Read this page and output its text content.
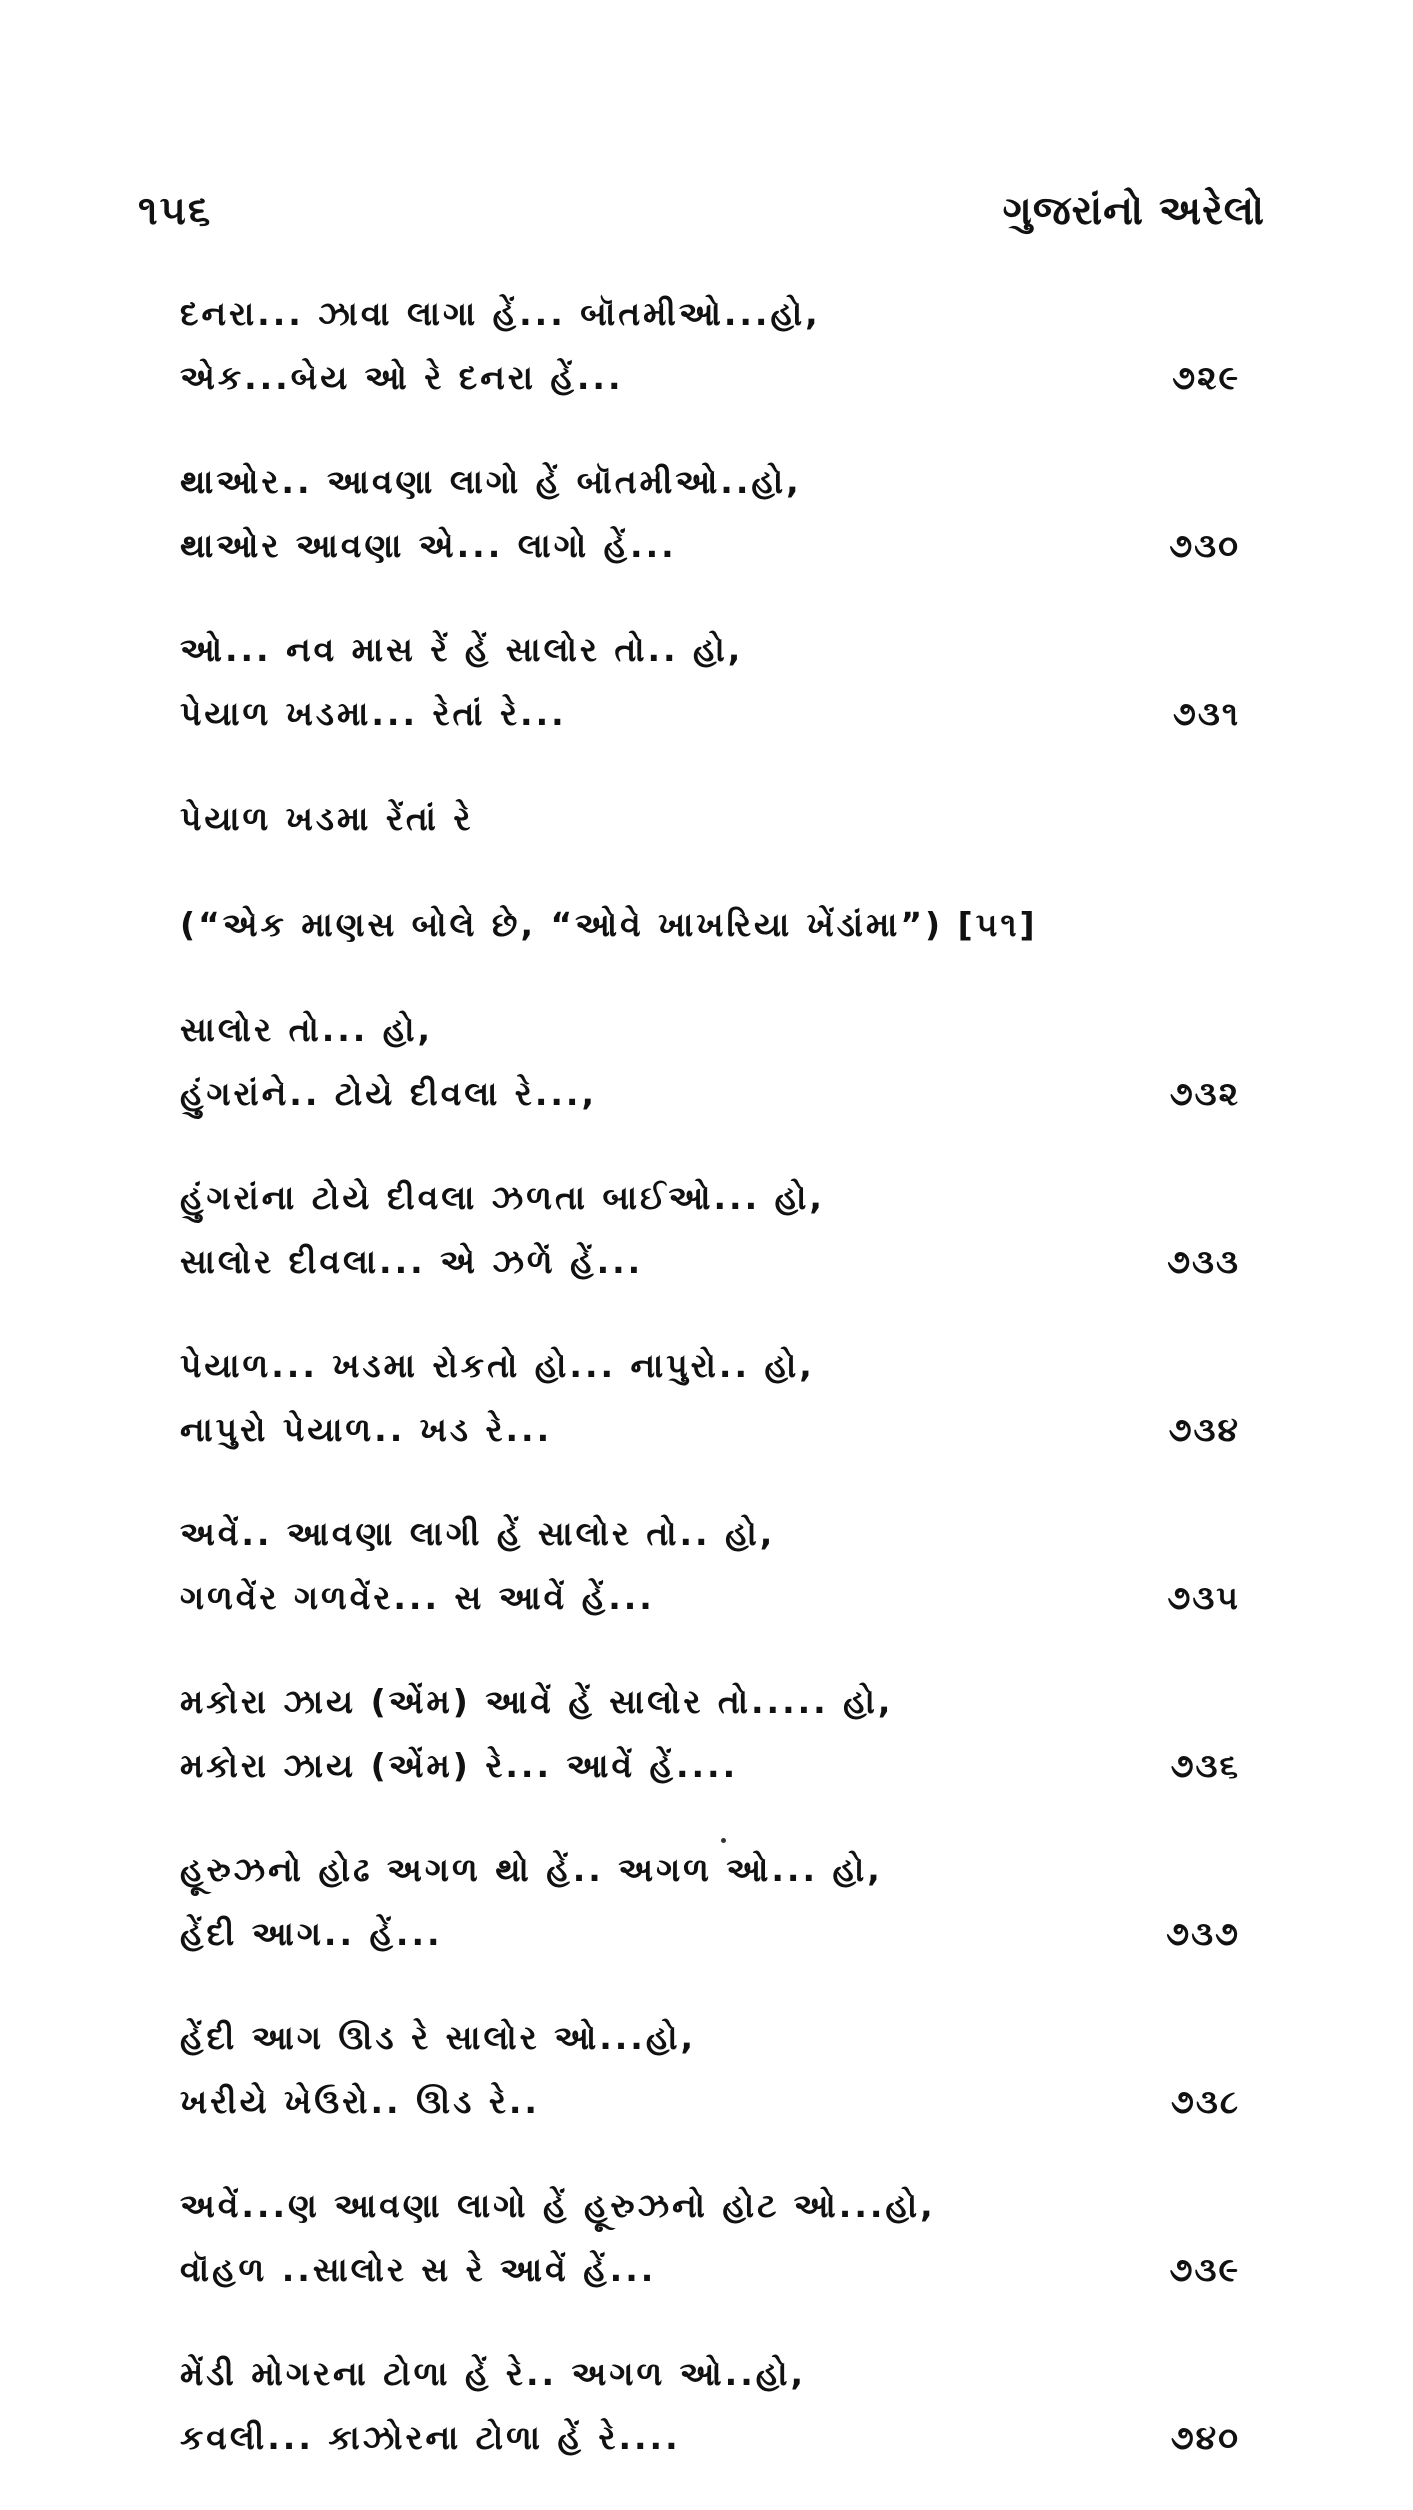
૧૫૬	ગુજરાંનો અરેલો
દનરા... ઝાવા લાગા હેં... બૉતમીઓ...હો,
એક...બેય ઓ રે દનરા હેં...	૭૨૯
થાઓર.. આવણા લાગો હેં બૉતમીઓ..હો,
થાઓર આવણા એ... લાગો હેં...	૭૩૦
ઓ... નવ માસ રેં હેં સાલોર તો.. હો,
પેયાળ ખડમા... રેતાં રે...	૭૩૧
પેયાળ ખડમા રેંતાં રે
(“એક માણસ બોલે છે, “ઓવે ખાખરિયા ખેંડાંમા”) [૫૧]
સાલોર તો... હો,
હુંગરાંને.. ટોયે દીવલા રે...,	૭૩૨
હુંગરાંના ટોયે દીવલા ઝળતા બાઈઓ... હો,
સાલોર દીવલા... એ ઝળેં હેં...	૭૩૩
પેયાળ... ખડમા રોકતો હો... નાપુરો.. હો,
નાપુરો પેયાળ.. ખડ રે...	૭૩૪
અવેં.. આવણા લાગી હેં સાલોર તો.. હો,
ગળવેંર ગળવેંર... સ આવેં હેં...	૭૩૫
મકોરા ઝાય (એંમ) આવેં હેં સાલોર તો..... હો,
મકોરા ઝાય (એંમ) રે... આવેં હેં....	૭૩૬
હૂરુઝનો હોઢ અગળ થો હેં.. અગળ ઓ... હો,
હેંદી આગ.. હેં...	૭૩૭
હેંદી આગ ઊડ રે સાલોર ઓ...હો,
ખરીયે ખેઉરો.. ઊડ રે..	૭૩૮
અવેં...ણ આવણા લાગો હેં હૂરુઝનો હોટ ઓ...હો,
વૉહળ ..સાલોર સ રે આવેં હેં...	૭૩૯
મેંડી મોગરના ટોળા હેં રે.. અગળ ઓ..હો,
કવલી... કાઝોરના ટોળા હેં રે....	૭૪૦
